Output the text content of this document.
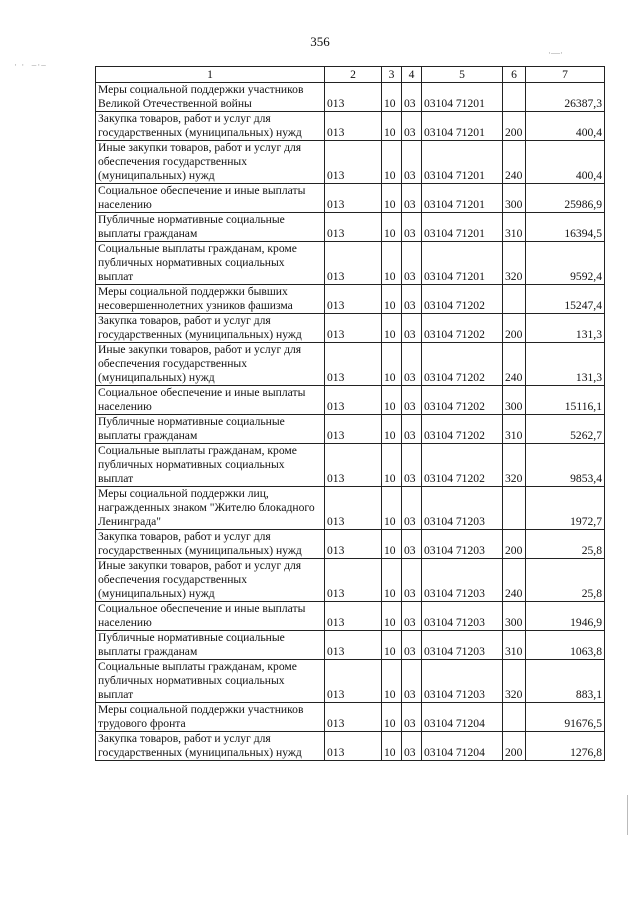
356
· ·  –·–
·—·
1	2	3	4	5	6	7
Меры социальной поддержки участников Великой Отечественной войны	013	10	03	03104 71201		26387,3
Закупка товаров, работ и услуг для государственных (муниципальных) нужд	013	10	03	03104 71201	200	400,4
Иные закупки товаров, работ и услуг для обеспечения государственных (муниципальных) нужд	013	10	03	03104 71201	240	400,4
Социальное обеспечение и иные выплаты населению	013	10	03	03104 71201	300	25986,9
Публичные нормативные социальные выплаты гражданам	013	10	03	03104 71201	310	16394,5
Социальные выплаты гражданам, кроме публичных нормативных социальных выплат	013	10	03	03104 71201	320	9592,4
Меры социальной поддержки бывших несовершеннолетних узников фашизма	013	10	03	03104 71202		15247,4
Закупка товаров, работ и услуг для государственных (муниципальных) нужд	013	10	03	03104 71202	200	131,3
Иные закупки товаров, работ и услуг для обеспечения государственных (муниципальных) нужд	013	10	03	03104 71202	240	131,3
Социальное обеспечение и иные выплаты населению	013	10	03	03104 71202	300	15116,1
Публичные нормативные социальные выплаты гражданам	013	10	03	03104 71202	310	5262,7
Социальные выплаты гражданам, кроме публичных нормативных социальных выплат	013	10	03	03104 71202	320	9853,4
Меры социальной поддержки лиц, награжденных знаком "Жителю блокадного Ленинграда"	013	10	03	03104 71203		1972,7
Закупка товаров, работ и услуг для государственных (муниципальных) нужд	013	10	03	03104 71203	200	25,8
Иные закупки товаров, работ и услуг для обеспечения государственных (муниципальных) нужд	013	10	03	03104 71203	240	25,8
Социальное обеспечение и иные выплаты населению	013	10	03	03104 71203	300	1946,9
Публичные нормативные социальные выплаты гражданам	013	10	03	03104 71203	310	1063,8
Социальные выплаты гражданам, кроме публичных нормативных социальных выплат	013	10	03	03104 71203	320	883,1
Меры социальной поддержки участников трудового фронта	013	10	03	03104 71204		91676,5
Закупка товаров, работ и услуг для государственных (муниципальных) нужд	013	10	03	03104 71204	200	1276,8
